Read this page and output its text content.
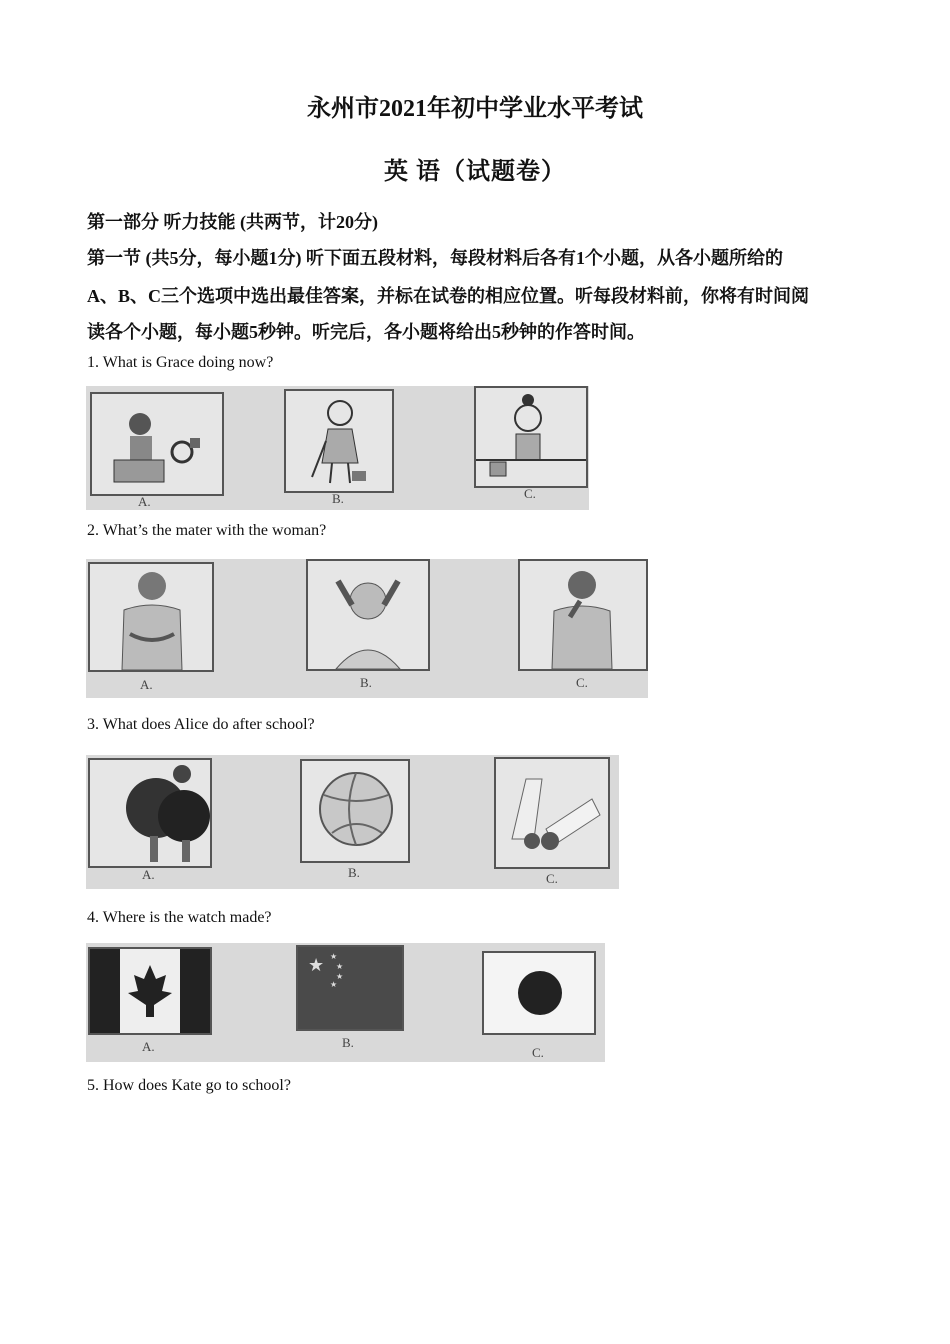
永州市2021年初中学业水平考试
英 语（试题卷）
第一部分 听力技能 (共两节，计20分)
第一节 (共5分，每小题1分) 听下面五段材料，每段材料后各有1个小题，从各小题所给的
A、B、C三个选项中选出最佳答案，并标在试卷的相应位置。听每段材料前，你将有时间阅
读各个小题，每小题5秒钟。听完后，各小题将给出5秒钟的作答时间。
1. What is Grace doing now?
A.	B.	C.
2. What’s the mater with the woman?
A.	B.	C.
3. What does Alice do after school?
A.	B.	C.
4. Where is the watch made?
A.
★ ★
★
★
★
B.
C.
5. How does Kate go to school?
